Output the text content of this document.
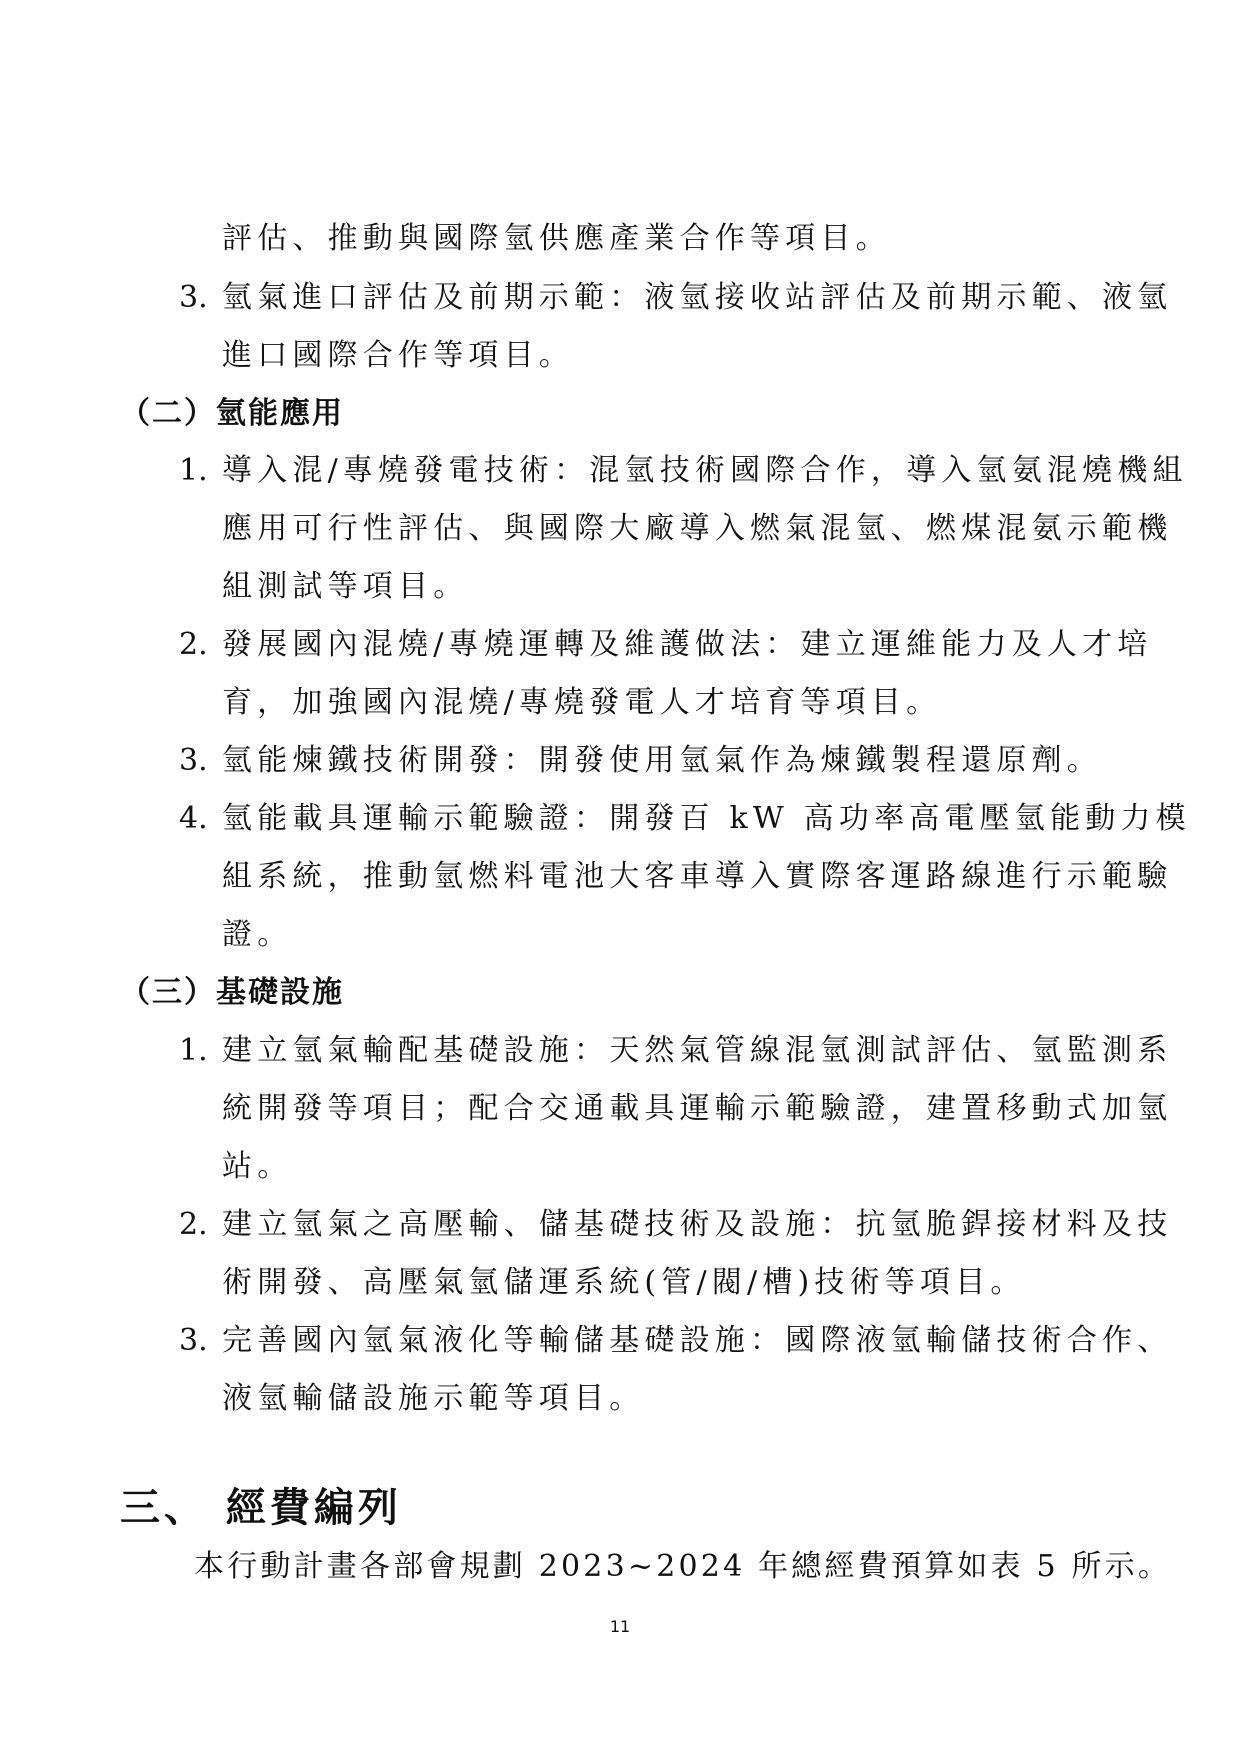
評估、推動與國際氫供應產業合作等項目。
3. 氫氣進口評估及前期示範：液氫接收站評估及前期示範、液氫
進口國際合作等項目。
（二）氫能應用
1. 導入混/專燒發電技術：混氫技術國際合作，導入氫氨混燒機組
應用可行性評估、與國際大廠導入燃氣混氫、燃煤混氨示範機
組測試等項目。
2. 發展國內混燒/專燒運轉及維護做法：建立運維能力及人才培
育，加強國內混燒/專燒發電人才培育等項目。
3. 氫能煉鐵技術開發：開發使用氫氣作為煉鐵製程還原劑。
4. 氫能載具運輸示範驗證：開發百 kW 高功率高電壓氫能動力模
組系統，推動氫燃料電池大客車導入實際客運路線進行示範驗
證。
（三）基礎設施
1. 建立氫氣輸配基礎設施：天然氣管線混氫測試評估、氫監測系
統開發等項目；配合交通載具運輸示範驗證，建置移動式加氫
站。
2. 建立氫氣之高壓輸、儲基礎技術及設施：抗氫脆銲接材料及技
術開發、高壓氣氫儲運系統(管/閥/槽)技術等項目。
3. 完善國內氫氣液化等輸儲基礎設施：國際液氫輸儲技術合作、
液氫輸儲設施示範等項目。
三、 經費編列
本行動計畫各部會規劃 2023~2024 年總經費預算如表 5 所示。
11
